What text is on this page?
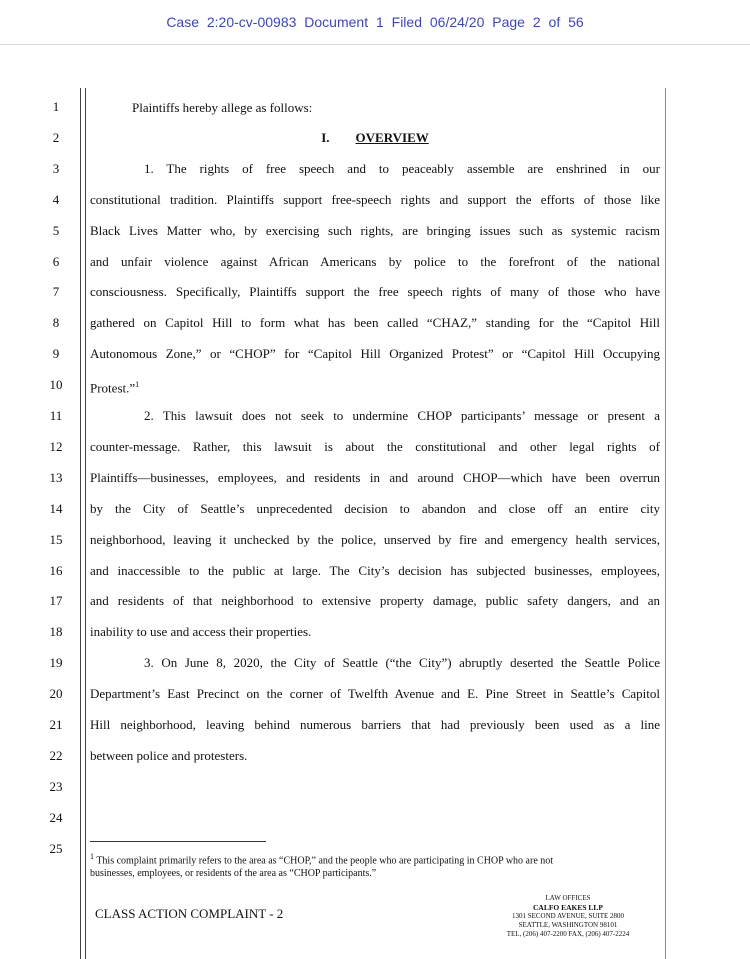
Case 2:20-cv-00983 Document 1 Filed 06/24/20 Page 2 of 56
1
2
3
4
5
6
7
8
9
10
11
12
13
14
15
16
17
18
19
20
21
22
23
24
25
Plaintiffs hereby allege as follows:
I. OVERVIEW
1. The rights of free speech and to peaceably assemble are enshrined in our
constitutional tradition. Plaintiffs support free-speech rights and support the efforts of those like
Black Lives Matter who, by exercising such rights, are bringing issues such as systemic racism
and unfair violence against African Americans by police to the forefront of the national
consciousness. Specifically, Plaintiffs support the free speech rights of many of those who have
gathered on Capitol Hill to form what has been called “CHAZ,” standing for the “Capitol Hill
Autonomous Zone,” or “CHOP” for “Capitol Hill Organized Protest” or “Capitol Hill Occupying
Protest.”$^1$
2. This lawsuit does not seek to undermine CHOP participants’ message or present a
counter-message. Rather, this lawsuit is about the constitutional and other legal rights of
Plaintiffs—businesses, employees, and residents in and around CHOP—which have been overrun
by the City of Seattle’s unprecedented decision to abandon and close off an entire city
neighborhood, leaving it unchecked by the police, unserved by fire and emergency health services,
and inaccessible to the public at large. The City’s decision has subjected businesses, employees,
and residents of that neighborhood to extensive property damage, public safety dangers, and an
inability to use and access their properties.
3. On June 8, 2020, the City of Seattle (“the City”) abruptly deserted the Seattle Police
Department’s East Precinct on the corner of Twelfth Avenue and E. Pine Street in Seattle’s Capitol
Hill neighborhood, leaving behind numerous barriers that had previously been used as a line
between police and protesters.
$^1$ This complaint primarily refers to the area as “CHOP,” and the people who are participating in CHOP who are not
businesses, employees, or residents of the area as “CHOP participants.”
CLASS ACTION COMPLAINT - 2
LAW OFFICES
CALFO EAKES LLP
1301 SECOND AVENUE, SUITE 2800
SEATTLE, WASHINGTON 98101
TEL, (206) 407-2200 FAX, (206) 407-2224
